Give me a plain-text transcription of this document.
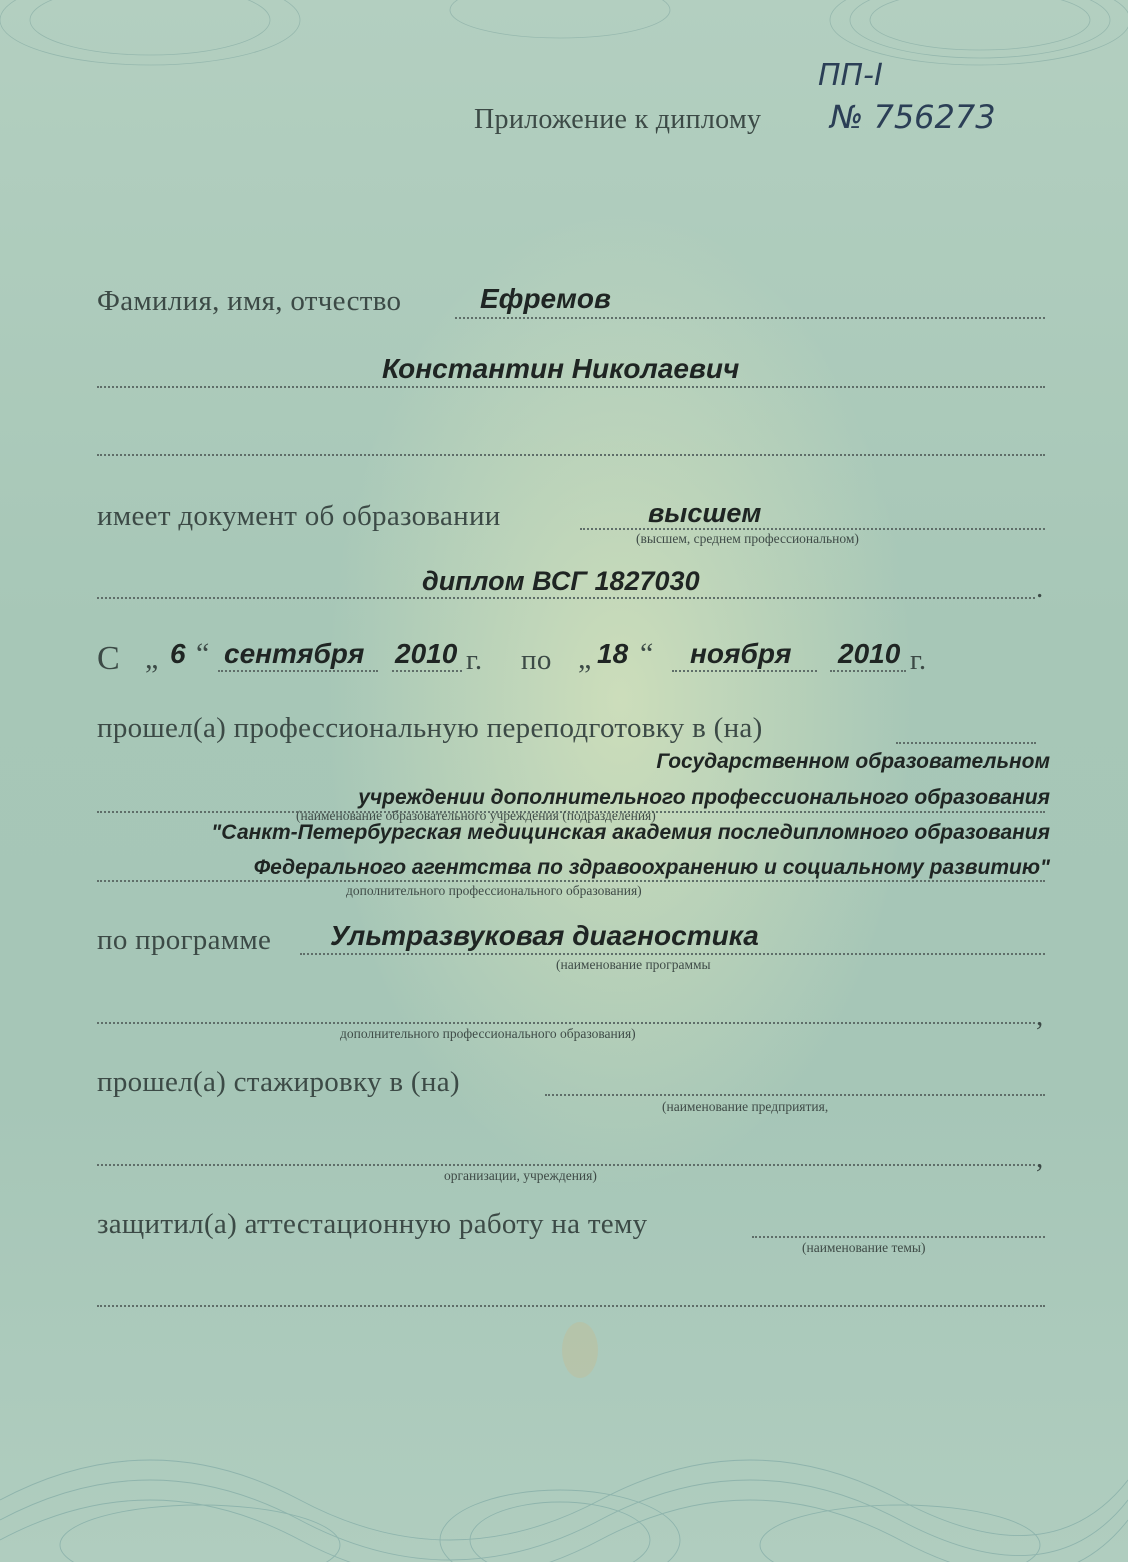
Приложение к диплому
ПП-I
№ 756273
Фамилия, имя, отчество	Ефремов
Константин Николаевич
имеет документ об образовании	высшем
(высшем, среднем профессиональном)
диплом ВСГ 1827030	.
С „ 6 “ сентября 2010 г. по „ 18 “ ноября 2010 г.
прошел(а) профессиональную переподготовку в (на)
Государственном образовательном
учреждении дополнительного профессионального образования
(наименование образовательного учреждения (подразделения)
"Санкт-Петербургская медицинская академия последипломного образования
Федерального агентства по здравоохранению и социальному развитию"
дополнительного профессионального образования)
по программе Ультразвуковая диагностика
(наименование программы
,
дополнительного профессионального образования)
прошел(а) стажировку в (на)
(наименование предприятия,
,
организации, учреждения)
защитил(а) аттестационную работу на тему
(наименование темы)
